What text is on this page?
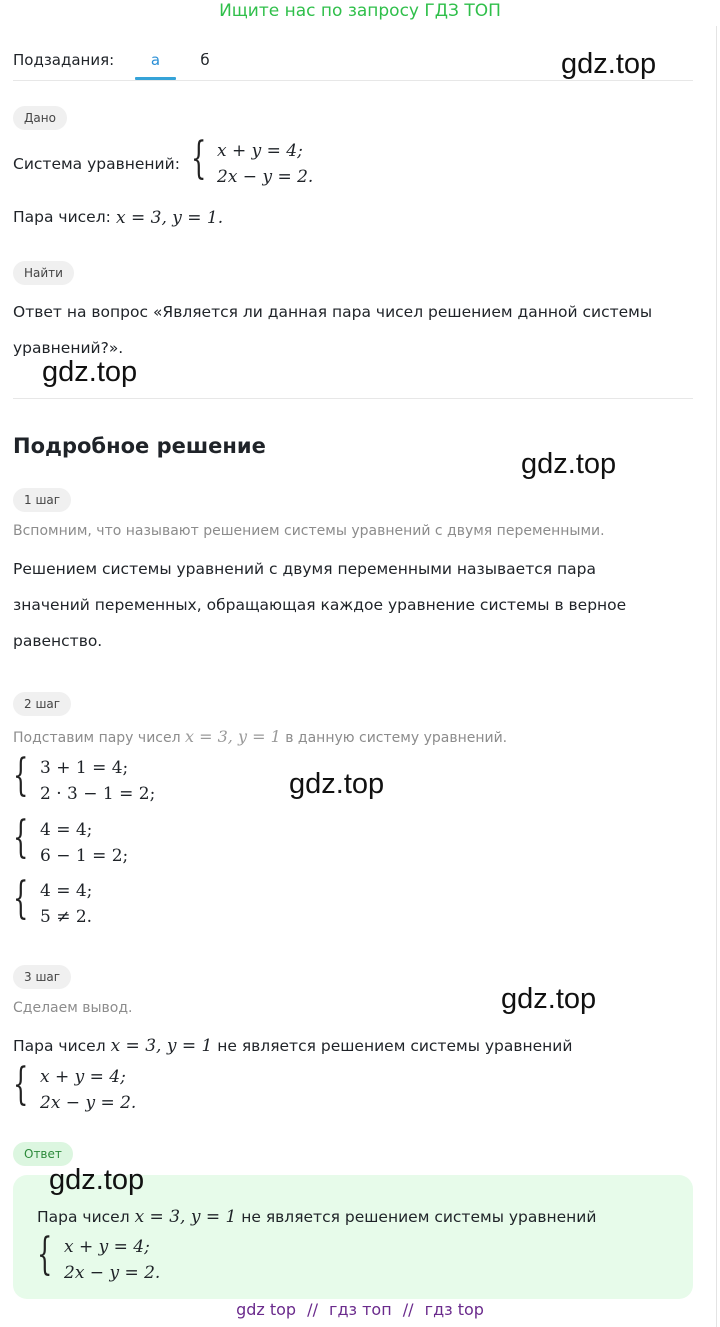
Ищите нас по запросу ГДЗ ТОП
Подзадания:	а	б	gdz.top
Дано
Система уравнений: { x + y = 4;
2x − y = 2.
Пара чисел: x = 3, y = 1.
Найти
Ответ на вопрос «Является ли данная пара чисел решением данной системы
уравнений?».
gdz.top
Подробное решение
gdz.top
1 шаг
Вспомним, что называют решением системы уравнений с двумя переменными.
Решением системы уравнений с двумя переменными называется пара
значений переменных, обращающая каждое уравнение системы в верное
равенство.
2 шаг
Подставим пару чисел x = 3, y = 1 в данную систему уравнений.
{ 3 + 1 = 4;
2 · 3 − 1 = 2;	gdz.top
{ 4 = 4;
6 − 1 = 2;
{ 4 = 4;
5 ≠ 2.
3 шаг
Сделаем вывод.	gdz.top
Пара чисел x = 3, y = 1 не является решением системы уравнений
{ x + y = 4;
2x − y = 2.
Ответ
gdz.top
Пара чисел x = 3, y = 1 не является решением системы уравнений
{ x + y = 4;
2x − y = 2.
gdz top // гдз топ // гдз top
